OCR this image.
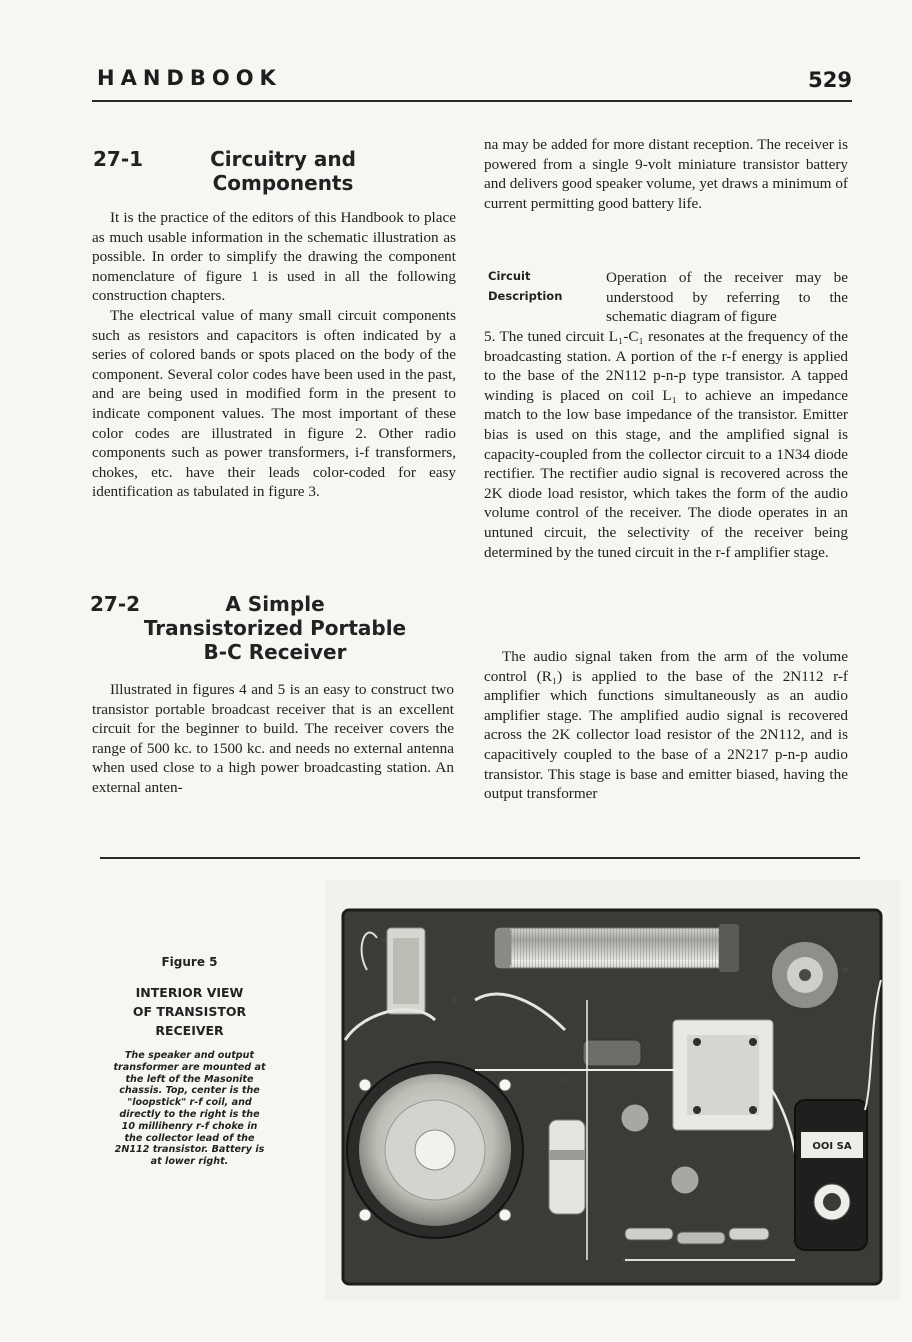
HANDBOOK	529
27-1	Circuitry and
Components

It is the practice of the editors of this Handbook to place as much usable information in the schematic illustration as possible. In order to simplify the drawing the component nomenclature of figure 1 is used in all the following construction chapters.

The electrical value of many small circuit components such as resistors and capacitors is often indicated by a series of colored bands or spots placed on the body of the component. Several color codes have been used in the past, and are being used in modified form in the present to indicate component values. The most important of these color codes are illustrated in figure 2. Other radio components such as power transformers, i-f transformers, chokes, etc. have their leads color-coded for easy identification as tabulated in figure 3.

27-2	A Simple
Transistorized Portable
B-C Receiver

Illustrated in figures 4 and 5 is an easy to construct two transistor portable broadcast receiver that is an excellent circuit for the beginner to build. The receiver covers the range of 500 kc. to 1500 kc. and needs no external antenna when used close to a high power broadcasting station. An external anten-

na may be added for more distant reception. The receiver is powered from a single 9-volt miniature transistor battery and delivers good speaker volume, yet draws a minimum of current permitting good battery life.

Circuit
Description

Operation of the receiver may be understood by referring to the schematic diagram of figure

5. The tuned circuit L₁-C₁ resonates at the frequency of the broadcasting station. A portion of the r-f energy is applied to the base of the 2N112 p-n-p type transistor. A tapped winding is placed on coil L₁ to achieve an impedance match to the low base impedance of the transistor. Emitter bias is used on this stage, and the amplified signal is capacity-coupled from the collector circuit to a 1N34 diode rectifier. The rectifier audio signal is recovered across the 2K diode load resistor, which takes the form of the audio volume control of the receiver. The diode operates in an untuned circuit, the selectivity of the receiver being determined by the tuned circuit in the r-f amplifier stage.

The audio signal taken from the arm of the volume control (R₁) is applied to the base of the 2N112 r-f amplifier which functions simultaneously as an audio amplifier stage. The amplified audio signal is recovered across the 2K collector load resistor of the 2N112, and is capacitively coupled to the base of a 2N217 p-n-p audio transistor. This stage is base and emitter biased, having the output transformer

Figure 5
INTERIOR VIEW
OF TRANSISTOR
RECEIVER
The speaker and output transformer are mounted at the left of the Masonite chassis. Top, center is the "loopstick" r-f coil, and directly to the right is the 10 millihenry r-f choke in the collector lead of the 2N112 transistor. Battery is at lower right.
OOI SA
